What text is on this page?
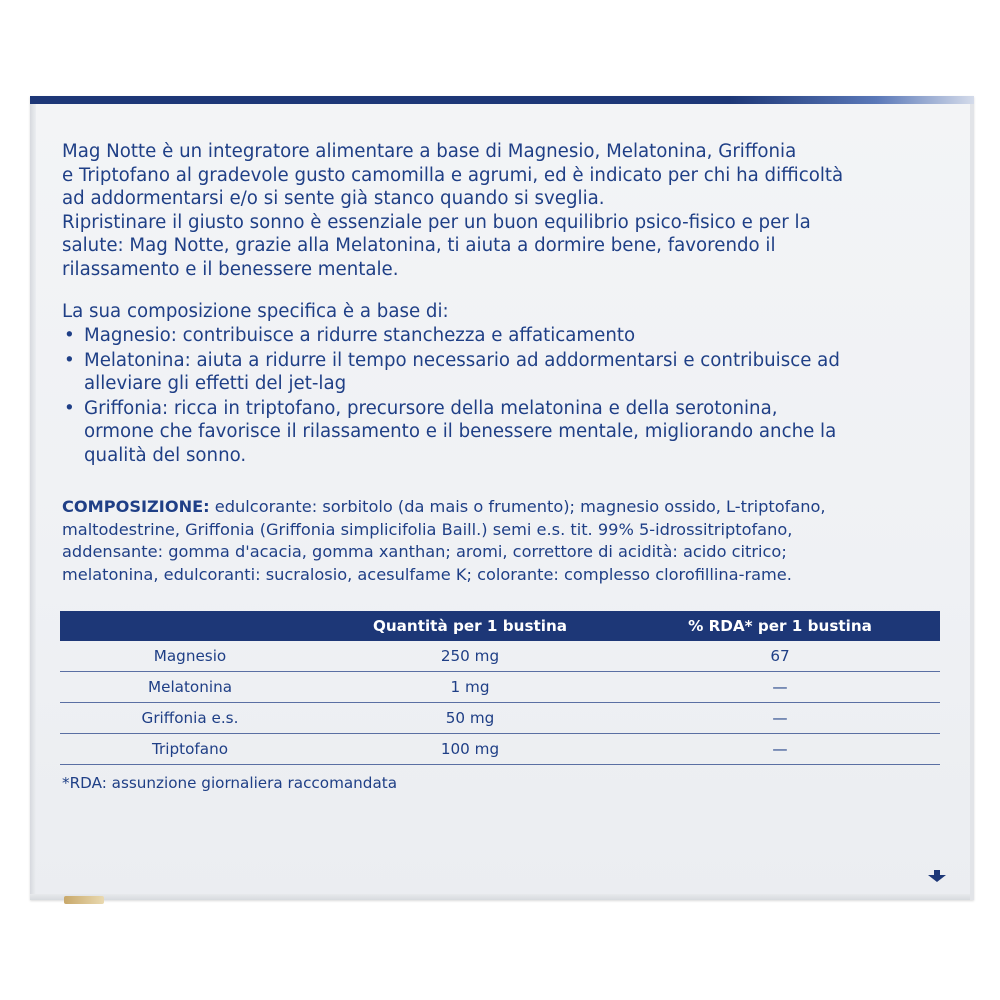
Mag Notte è un integratore alimentare a base di Magnesio, Melatonina, Griffonia
e Triptofano al gradevole gusto camomilla e agrumi, ed è indicato per chi ha difficoltà
ad addormentarsi e/o si sente già stanco quando si sveglia.
Ripristinare il giusto sonno è essenziale per un buon equilibrio psico-fisico e per la
salute: Mag Notte, grazie alla Melatonina, ti aiuta a dormire bene, favorendo il
rilassamento e il benessere mentale.

La sua composizione specifica è a base di:

• Magnesio: contribuisce a ridurre stanchezza e affaticamento
• Melatonina: aiuta a ridurre il tempo necessario ad addormentarsi e contribuisce ad
alleviare gli effetti del jet-lag
• Griffonia: ricca in triptofano, precursore della melatonina e della serotonina,
ormone che favorisce il rilassamento e il benessere mentale, migliorando anche la
qualità del sonno.

COMPOSIZIONE: edulcorante: sorbitolo (da mais o frumento); magnesio ossido, L-triptofano,
maltodestrine, Griffonia (Griffonia simplicifolia Baill.) semi e.s. tit. 99% 5-idrossitriptofano,
addensante: gomma d'acacia, gomma xanthan; aromi, correttore di acidità: acido citrico;
melatonina, edulcoranti: sucralosio, acesulfame K; colorante: complesso clorofillina-rame.

	Quantità per 1 bustina	% RDA* per 1 bustina
Magnesio	250 mg	67
Melatonina	1 mg	—
Griffonia e.s.	50 mg	—
Triptofano	100 mg	—

*RDA: assunzione giornaliera raccomandata
